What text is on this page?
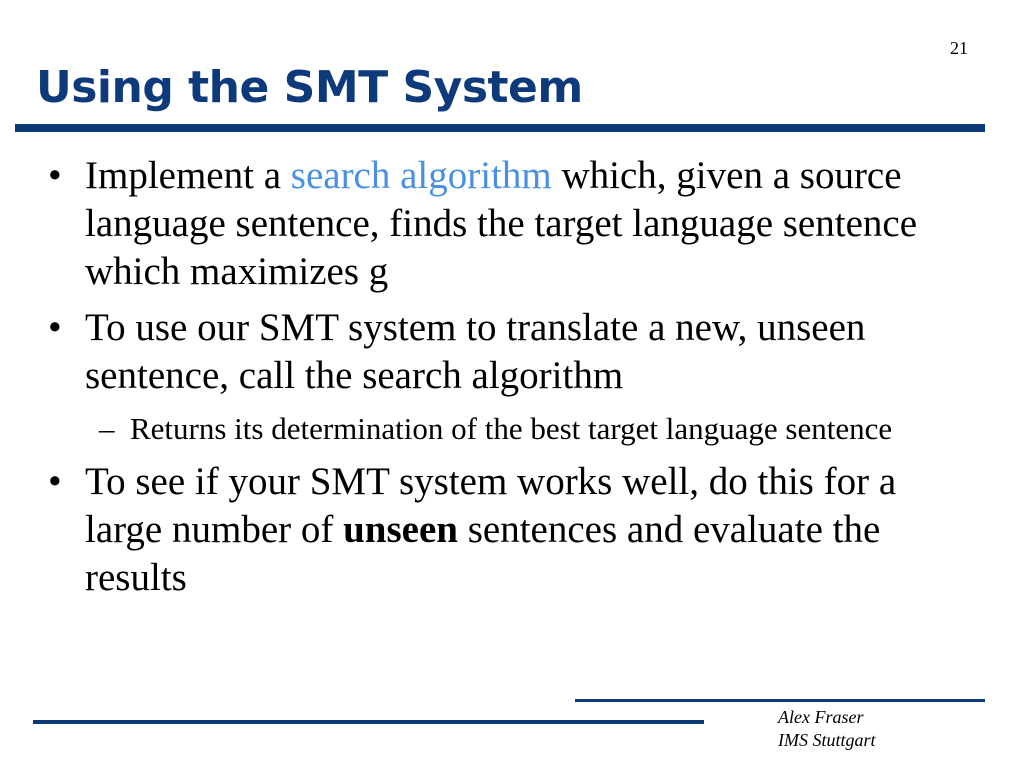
21
Using the SMT System
• Implement a search algorithm which, given a source language sentence, finds the target language sentence which maximizes g
• To use our SMT system to translate a new, unseen sentence, call the search algorithm
– Returns its determination of the best target language sentence
• To see if your SMT system works well, do this for a large number of unseen sentences and evaluate the results
Alex Fraser
IMS Stuttgart
